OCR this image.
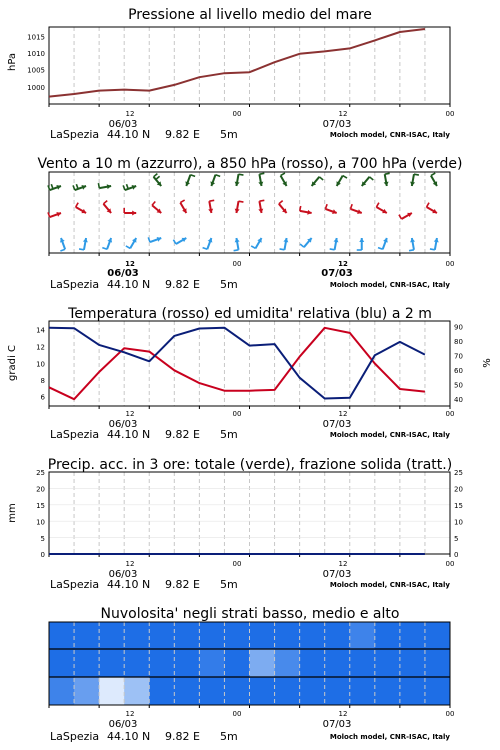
Pressione al livello medio del mare
hPa
1015
1010
1005
1000
12	00	12	00
06/03	07/03
LaSpezia 44.10 N 9.82 E 5m	Moloch model, CNR-ISAC, Italy
Vento a 10 m (azzurro), a 850 hPa (rosso), a 700 hPa (verde)
12	00	12	00
06/03	07/03
LaSpezia 44.10 N 9.82 E 5m	Moloch model, CNR-ISAC, Italy
Temperatura (rosso) ed umidita' relativa (blu) a 2 m
gradi C	%
14
12
10
8
6
90
80
70
60
50
40
12	00	12	00
06/03	07/03
LaSpezia 44.10 N 9.82 E 5m	Moloch model, CNR-ISAC, Italy
Precip. acc. in 3 ore: totale (verde), frazione solida (tratt.)
mm
25
20
15
10
5
0
25
20
15
10
5
0
12	00	12	00
06/03	07/03
LaSpezia 44.10 N 9.82 E 5m	Moloch model, CNR-ISAC, Italy
Nuvolosita' negli strati basso, medio e alto
12	00	12	00
06/03	07/03
LaSpezia 44.10 N 9.82 E 5m	Moloch model, CNR-ISAC, Italy
